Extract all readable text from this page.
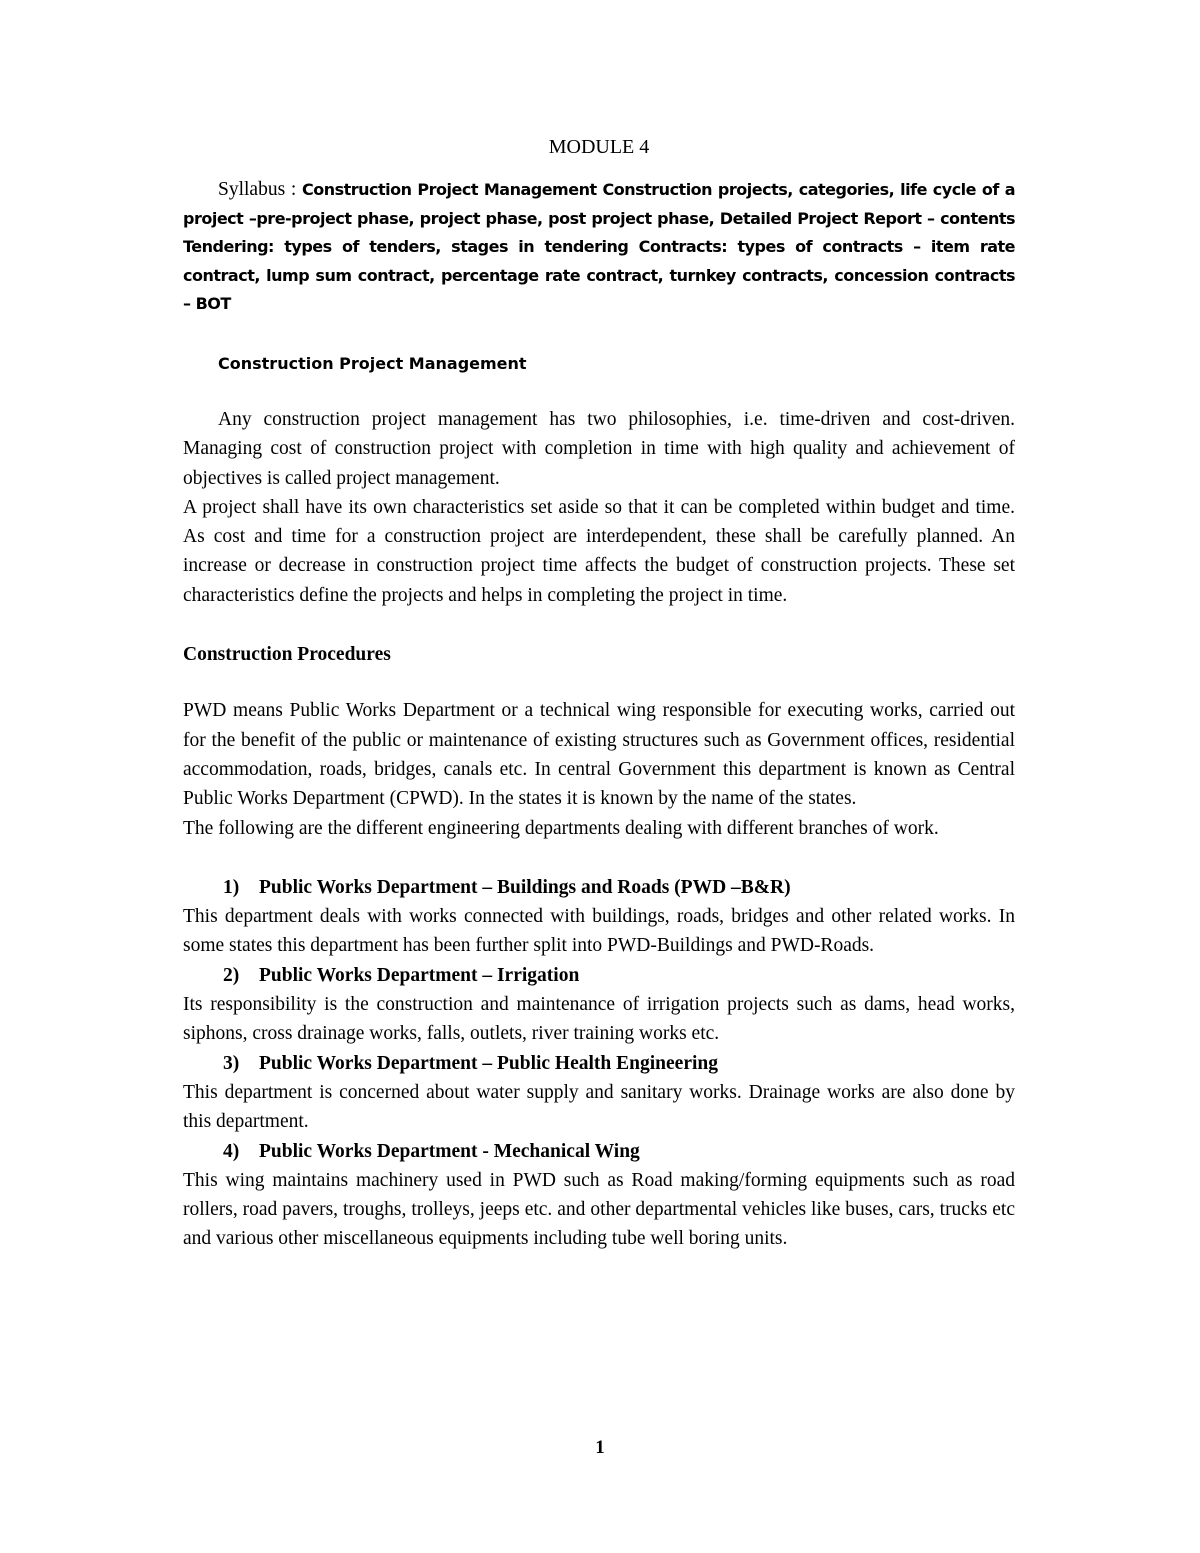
MODULE 4

Syllabus : Construction Project Management Construction projects, categories, life cycle of a project –pre-project phase, project phase, post project phase, Detailed Project Report – contents Tendering: types of tenders, stages in tendering Contracts: types of contracts – item rate contract, lump sum contract, percentage rate contract, turnkey contracts, concession contracts – BOT

Construction Project Management

Any construction project management has two philosophies, i.e. time-driven and cost-driven. Managing cost of construction project with completion in time with high quality and achievement of objectives is called project management.

A project shall have its own characteristics set aside so that it can be completed within budget and time. As cost and time for a construction project are interdependent, these shall be carefully planned. An increase or decrease in construction project time affects the budget of construction projects. These set characteristics define the projects and helps in completing the project in time.

Construction Procedures

PWD means Public Works Department or a technical wing responsible for executing works, carried out for the benefit of the public or maintenance of existing structures such as Government offices, residential accommodation, roads, bridges, canals etc. In central Government this department is known as Central Public Works Department (CPWD). In the states it is known by the name of the states.

The following are the different engineering departments dealing with different branches of work.

1)	Public Works Department – Buildings and Roads (PWD –B&R)

This department deals with works connected with buildings, roads, bridges and other related works. In some states this department has been further split into PWD-Buildings and PWD-Roads.

2)	Public Works Department – Irrigation

Its responsibility is the construction and maintenance of irrigation projects such as dams, head works, siphons, cross drainage works, falls, outlets, river training works etc.

3)	Public Works Department – Public Health Engineering

This department is concerned about water supply and sanitary works. Drainage works are also done by this department.

4)	Public Works Department - Mechanical Wing

This wing maintains machinery used in PWD such as Road making/forming equipments such as road rollers, road pavers, troughs, trolleys, jeeps etc. and other departmental vehicles like buses, cars, trucks etc and various other miscellaneous equipments including tube well boring units.

1
